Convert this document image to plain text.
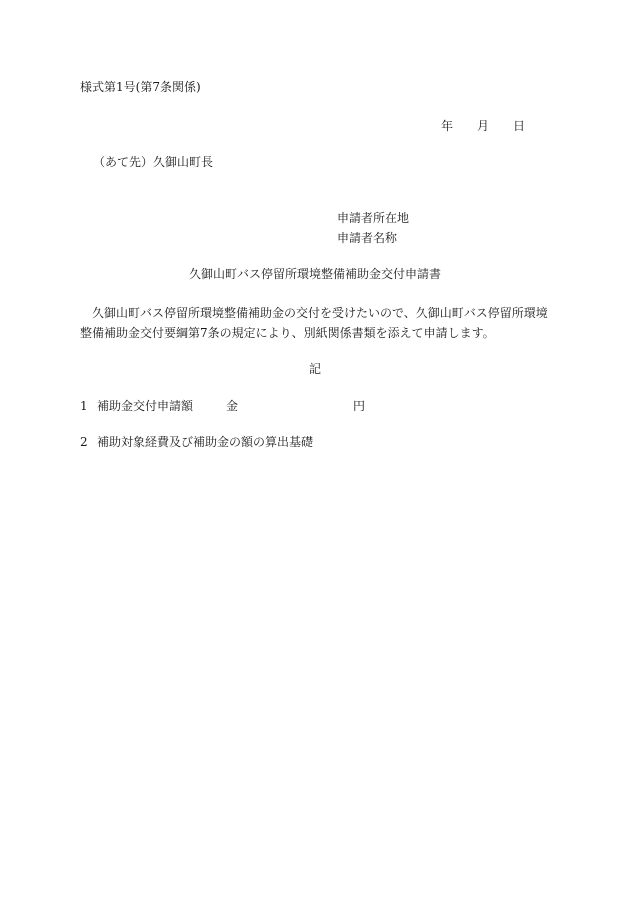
様式第1号(第7条関係)
年 月 日
（あて先）久御山町長
申請者所在地
申請者名称
久御山町バス停留所環境整備補助金交付申請書
久御山町バス停留所環境整備補助金の交付を受けたいので、久御山町バス停留所環境整備補助金交付要綱第7条の規定により、別紙関係書類を添えて申請します。
記
1 補助金交付申請額	金	円
2 補助対象経費及び補助金の額の算出基礎
